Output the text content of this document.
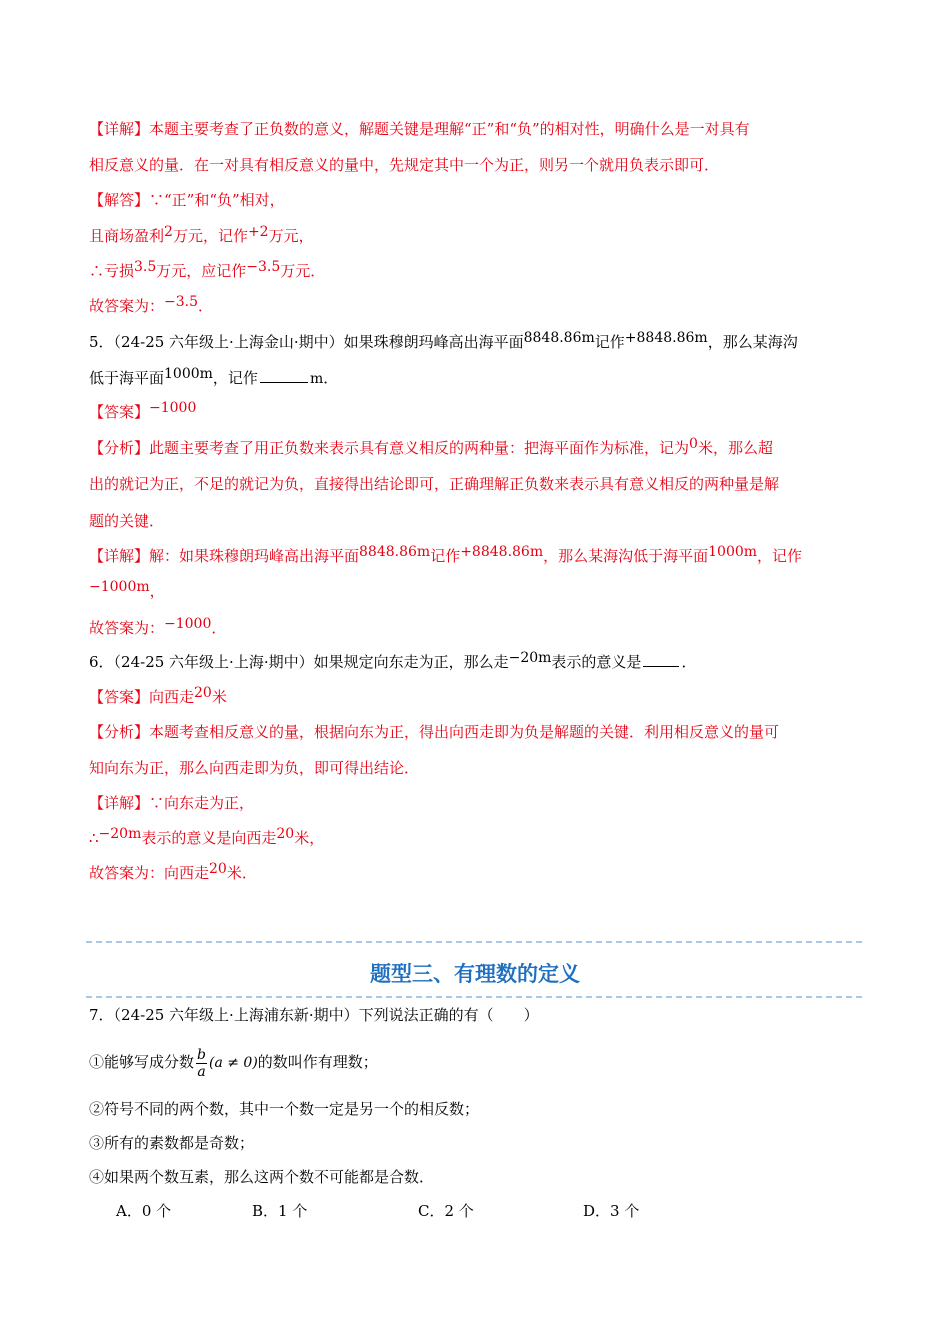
【详解】本题主要考查了正负数的意义，解题关键是理解“正”和“负”的相对性，明确什么是一对具有
相反意义的量．在一对具有相反意义的量中，先规定其中一个为正，则另一个就用负表示即可．
【解答】∵“正”和“负”相对，
且商场盈利2万元，记作+2万元，
∴亏损3.5万元，应记作−3.5万元．
故答案为：−3.5．
5．（24-25 六年级上·上海金山·期中）如果珠穆朗玛峰高出海平面8848.86m记作+8848.86m，那么某海沟
低于海平面1000m，记作	m．
【答案】−1000
【分析】此题主要考查了用正负数来表示具有意义相反的两种量：把海平面作为标准，记为0米，那么超
出的就记为正，不足的就记为负，直接得出结论即可，正确理解正负数来表示具有意义相反的两种量是解
题的关键．
【详解】解：如果珠穆朗玛峰高出海平面8848.86m记作+8848.86m，那么某海沟低于海平面1000m，记作
−1000m，
故答案为：−1000．
6．（24-25 六年级上·上海·期中）如果规定向东走为正，那么走−20m表示的意义是	．
【答案】向西走20米
【分析】本题考查相反意义的量，根据向东为正，得出向西走即为负是解题的关键．利用相反意义的量可
知向东为正，那么向西走即为负，即可得出结论．
【详解】∵向东走为正，
∴−20m表示的意义是向西走20米，
故答案为：向西走20米．
题型三、有理数的定义
7．（24-25 六年级上·上海浦东新·期中）下列说法正确的有（　　）
①能够写成分数 $\frac{b}{a} (a \ne 0)$的数叫作有理数；
②符号不同的两个数，其中一个数一定是另一个的相反数；
③所有的素数都是奇数；
④如果两个数互素，那么这两个数不可能都是合数．
A．0 个	B．1 个	C．2 个	D．3 个
